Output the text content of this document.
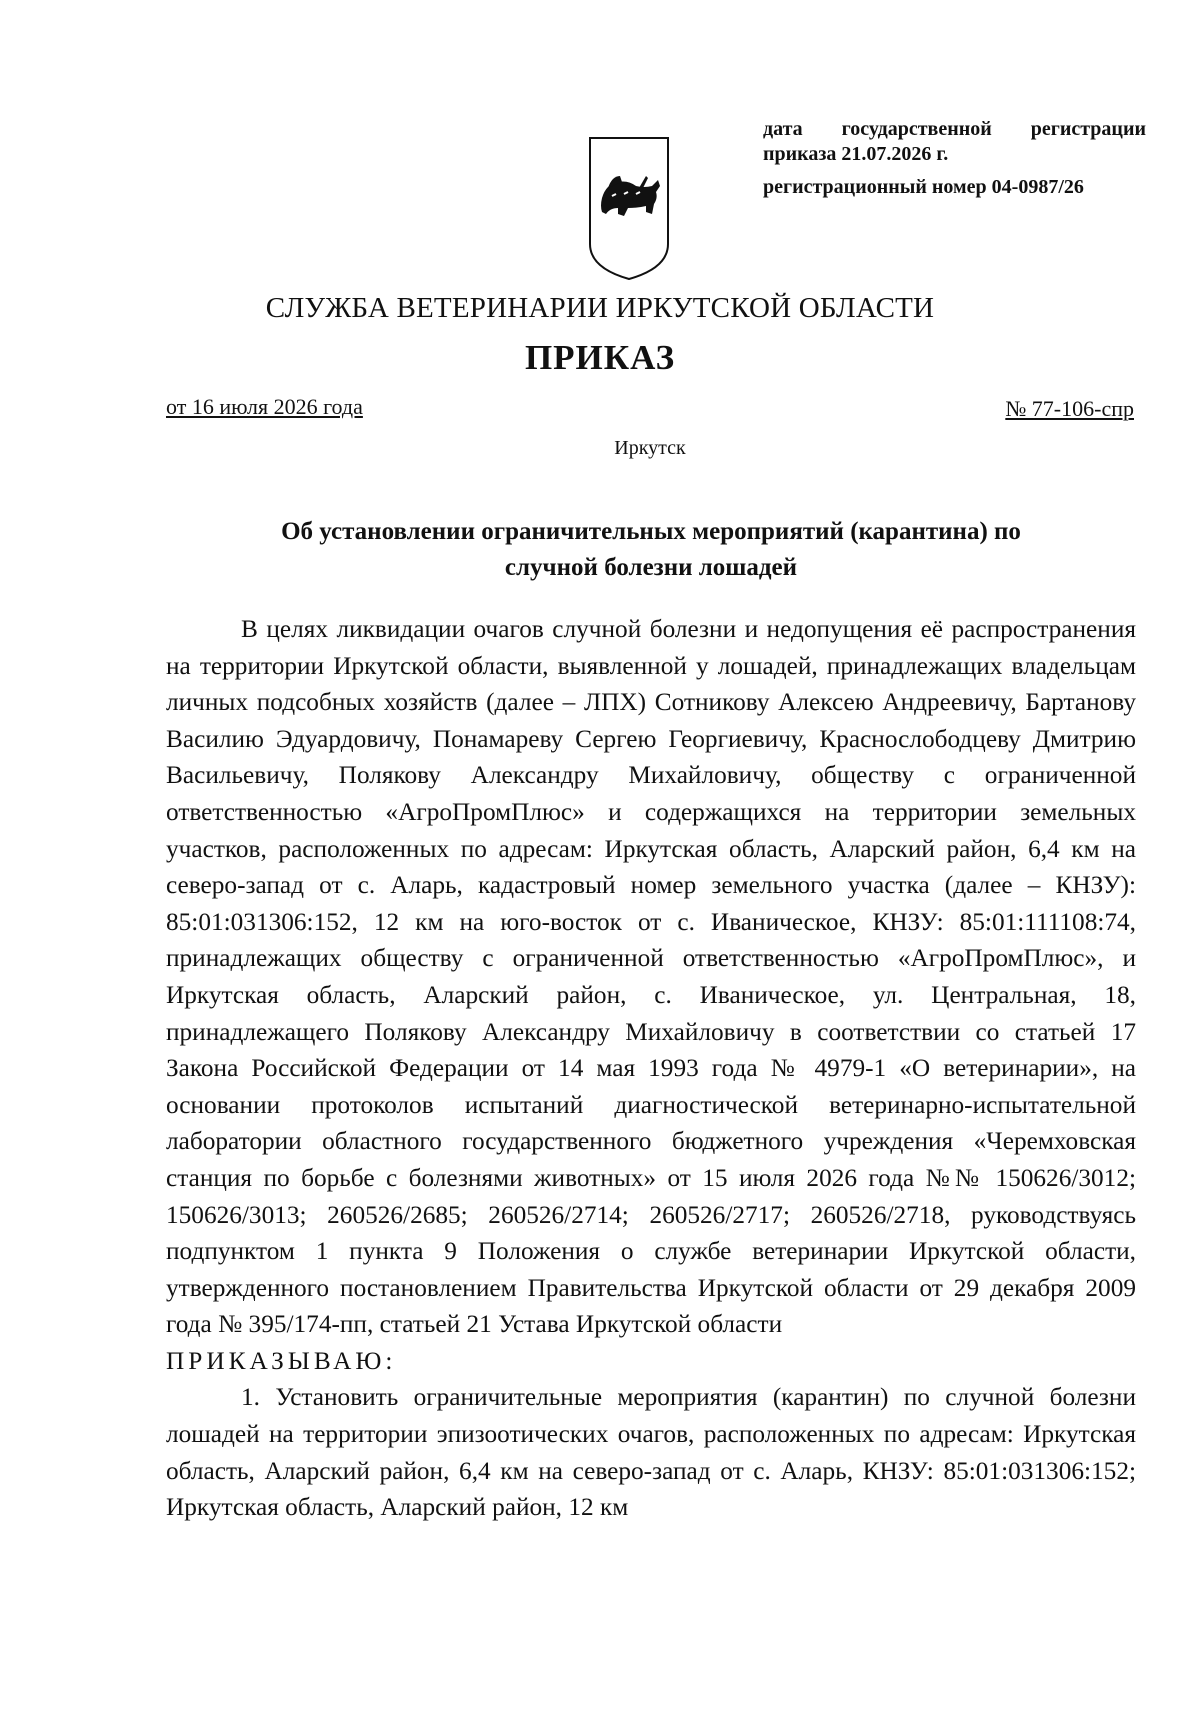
дата государственной регистрации
приказа 21.07.2026 г.
регистрационный номер 04-0987/26
СЛУЖБА ВЕТЕРИНАРИИ ИРКУТСКОЙ ОБЛАСТИ
ПРИКАЗ
от 16 июля 2026 года	№ 77-106-спр
Иркутск
Об установлении ограничительных мероприятий (карантина) по
случной болезни лошадей

В целях ликвидации очагов случной болезни и недопущения её распространения на территории Иркутской области, выявленной у лошадей, принадлежащих владельцам личных подсобных хозяйств (далее – ЛПХ) Сотникову Алексею Андреевичу, Бартанову Василию Эдуардовичу, Понамареву Сергею Георгиевичу, Краснослободцеву Дмитрию Васильевичу, Полякову Александру Михайловичу, обществу с ограниченной ответственностью «АгроПромПлюс» и содержащихся на территории земельных участков, расположенных по адресам: Иркутская область, Аларский район, 6,4 км на северо-запад от с. Аларь, кадастровый номер земельного участка (далее – КНЗУ): 85:01:031306:152, 12 км на юго-восток от с. Иваническое, КНЗУ: 85:01:111108:74, принадлежащих обществу с ограниченной ответственностью «АгроПромПлюс», и Иркутская область, Аларский район, с. Иваническое, ул. Центральная, 18, принадлежащего Полякову Александру Михайловичу в соответствии со статьей 17 Закона Российской Федерации от 14 мая 1993 года № 4979-1 «О ветеринарии», на основании протоколов испытаний диагностической ветеринарно-испытательной лаборатории областного государственного бюджетного учреждения «Черемховская станция по борьбе с болезнями животных» от 15 июля 2026 года №№ 150626/3012; 150626/3013; 260526/2685; 260526/2714; 260526/2717; 260526/2718, руководствуясь подпунктом 1 пункта 9 Положения о службе ветеринарии Иркутской области, утвержденного постановлением Правительства Иркутской области от 29 декабря 2009 года № 395/174-пп, статьей 21 Устава Иркутской области

ПРИКАЗЫВАЮ:

1. Установить ограничительные мероприятия (карантин) по случной болезни лошадей на территории эпизоотических очагов, расположенных по адресам: Иркутская область, Аларский район, 6,4 км на северо-запад от с. Аларь, КНЗУ: 85:01:031306:152; Иркутская область, Аларский район, 12 км
